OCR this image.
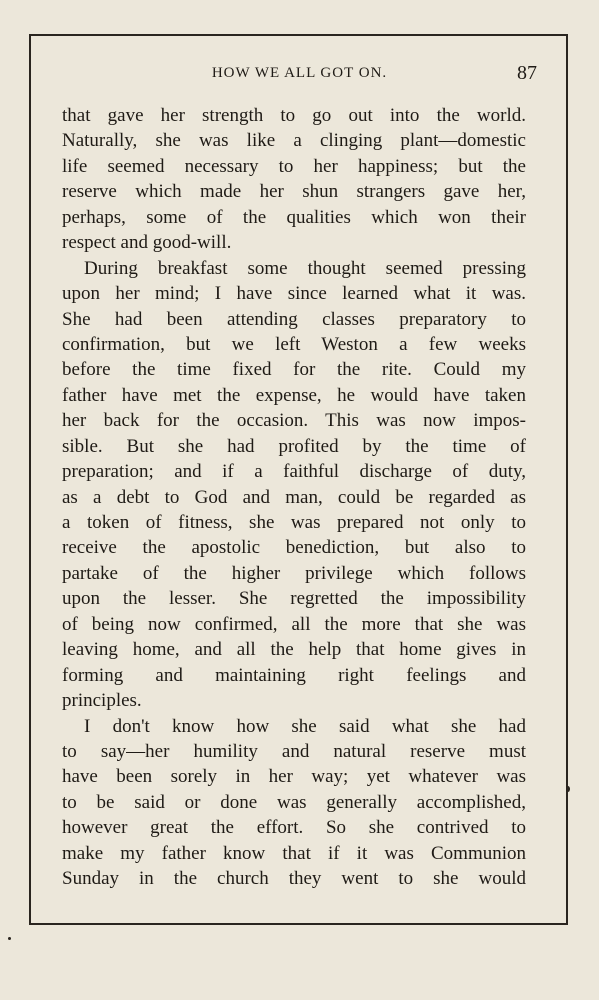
HOW WE ALL GOT ON.	87
that gave her strength to go out into the world.
Naturally, she was like a clinging plant—domestic
life seemed necessary to her happiness; but the
reserve which made her shun strangers gave her,
perhaps, some of the qualities which won their
respect and good-will.
During breakfast some thought seemed pressing
upon her mind; I have since learned what it was.
She had been attending classes preparatory to
confirmation, but we left Weston a few weeks
before the time fixed for the rite. Could my
father have met the expense, he would have taken
her back for the occasion. This was now impos-
sible. But she had profited by the time of
preparation; and if a faithful discharge of duty,
as a debt to God and man, could be regarded as
a token of fitness, she was prepared not only to
receive the apostolic benediction, but also to
partake of the higher privilege which follows
upon the lesser. She regretted the impossibility
of being now confirmed, all the more that she was
leaving home, and all the help that home gives in
forming and maintaining right feelings and
principles.
I don't know how she said what she had
to say—her humility and natural reserve must
have been sorely in her way; yet whatever was
to be said or done was generally accomplished,
however great the effort. So she contrived to
make my father know that if it was Communion
Sunday in the church they went to she would
